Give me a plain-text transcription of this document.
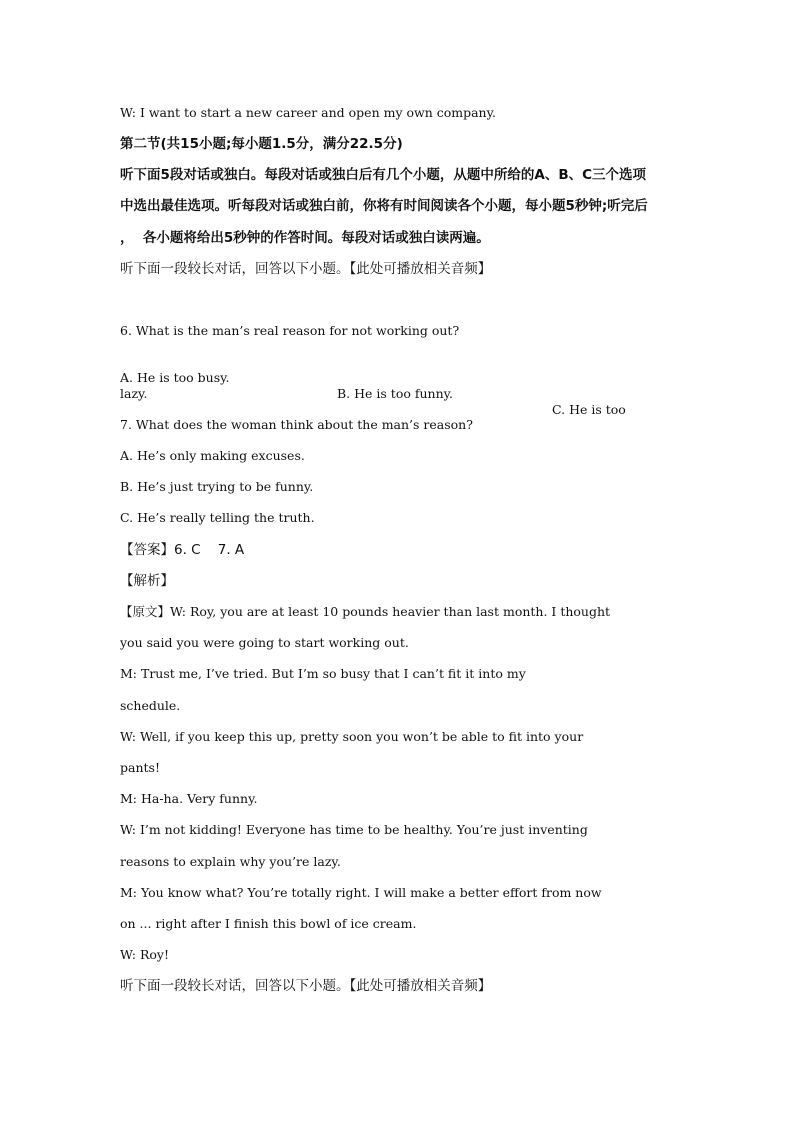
W: I want to start a new career and open my own company.
第二节(共15小题;每小题1.5分，满分22.5分)
听下面5段对话或独白。每段对话或独白后有几个小题，从题中所给的A、B、C三个选项
中选出最佳选项。听每段对话或独白前，你将有时间阅读各个小题，每小题5秒钟;听完后
，  各小题将给出5秒钟的作答时间。每段对话或独白读两遍。
听下面一段较长对话，回答以下小题。【此处可播放相关音频】
6. What is the man’s real reason for not working out?

A. He is too busy.

B. He is too funny.

C. He is too

lazy.
7. What does the woman think about the man’s reason?
A. He’s only making excuses.
B. He’s just trying to be funny.
C. He’s really telling the truth.
【答案】6. C    7. A
【解析】
【原文】W: Roy, you are at least 10 pounds heavier than last month. I thought
you said you were going to start working out.
M: Trust me, I’ve tried. But I’m so busy that I can’t fit it into my
schedule.
W: Well, if you keep this up, pretty soon you won’t be able to fit into your
pants!
M: Ha-ha. Very funny.
W: I’m not kidding! Everyone has time to be healthy. You’re just inventing
reasons to explain why you’re lazy.
M: You know what? You’re totally right. I will make a better effort from now
on ... right after I finish this bowl of ice cream.
W: Roy!
听下面一段较长对话，回答以下小题。【此处可播放相关音频】
